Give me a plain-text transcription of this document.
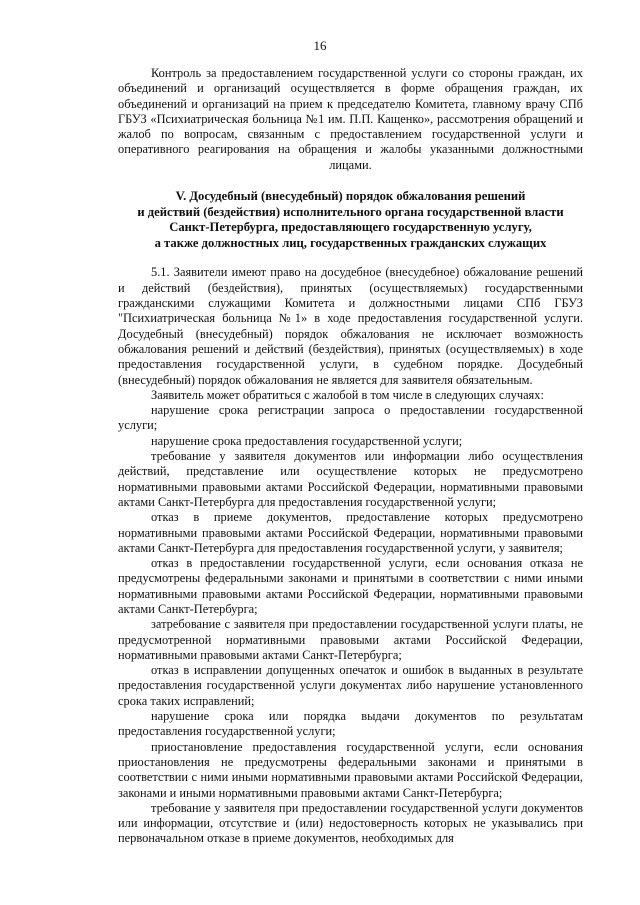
16

Контроль за предоставлением государственной услуги со стороны граждан, их объединений и организаций осуществляется в форме обращения граждан, их объединений и организаций на прием к председателю Комитета, главному врачу СПб ГБУЗ «Психиатрическая больница №1 им. П.П. Кащенко», рассмотрения обращений и жалоб по вопросам, связанным с предоставлением государственной услуги и оперативного реагирования на обращения и жалобы указанными должностными лицами.

V. Досудебный (внесудебный) порядок обжалования решений
и действий (бездействия) исполнительного органа государственной власти
Санкт-Петербурга, предоставляющего государственную услугу,
а также должностных лиц, государственных гражданских служащих

5.1. Заявители имеют право на досудебное (внесудебное) обжалование решений и действий (бездействия), принятых (осуществляемых) государственными гражданскими служащими Комитета и должностными лицами СПб ГБУЗ "Психиатрическая больница №1» в ходе предоставления государственной услуги. Досудебный (внесудебный) порядок обжалования не исключает возможность обжалования решений и действий (бездействия), принятых (осуществляемых) в ходе предоставления государственной услуги, в судебном порядке. Досудебный (внесудебный) порядок обжалования не является для заявителя обязательным.

Заявитель может обратиться с жалобой в том числе в следующих случаях:

нарушение срока регистрации запроса о предоставлении государственной услуги;

нарушение срока предоставления государственной услуги;

требование у заявителя документов или информации либо осуществления действий, представление или осуществление которых не предусмотрено нормативными правовыми актами Российской Федерации, нормативными правовыми актами Санкт-Петербурга для предоставления государственной услуги;

отказ в приеме документов, предоставление которых предусмотрено нормативными правовыми актами Российской Федерации, нормативными правовыми актами Санкт-Петербурга для предоставления государственной услуги, у заявителя;

отказ в предоставлении государственной услуги, если основания отказа не предусмотрены федеральными законами и принятыми в соответствии с ними иными нормативными правовыми актами Российской Федерации, нормативными правовыми актами Санкт-Петербурга;

затребование с заявителя при предоставлении государственной услуги платы, не предусмотренной нормативными правовыми актами Российской Федерации, нормативными правовыми актами Санкт-Петербурга;

отказ в исправлении допущенных опечаток и ошибок в выданных в результате предоставления государственной услуги документах либо нарушение установленного срока таких исправлений;

нарушение срока или порядка выдачи документов по результатам предоставления государственной услуги;

приостановление предоставления государственной услуги, если основания приостановления не предусмотрены федеральными законами и принятыми в соответствии с ними иными нормативными правовыми актами Российской Федерации, законами и иными нормативными правовыми актами Санкт-Петербурга;

требование у заявителя при предоставлении государственной услуги документов или информации, отсутствие и (или) недостоверность которых не указывались при первоначальном отказе в приеме документов, необходимых для
